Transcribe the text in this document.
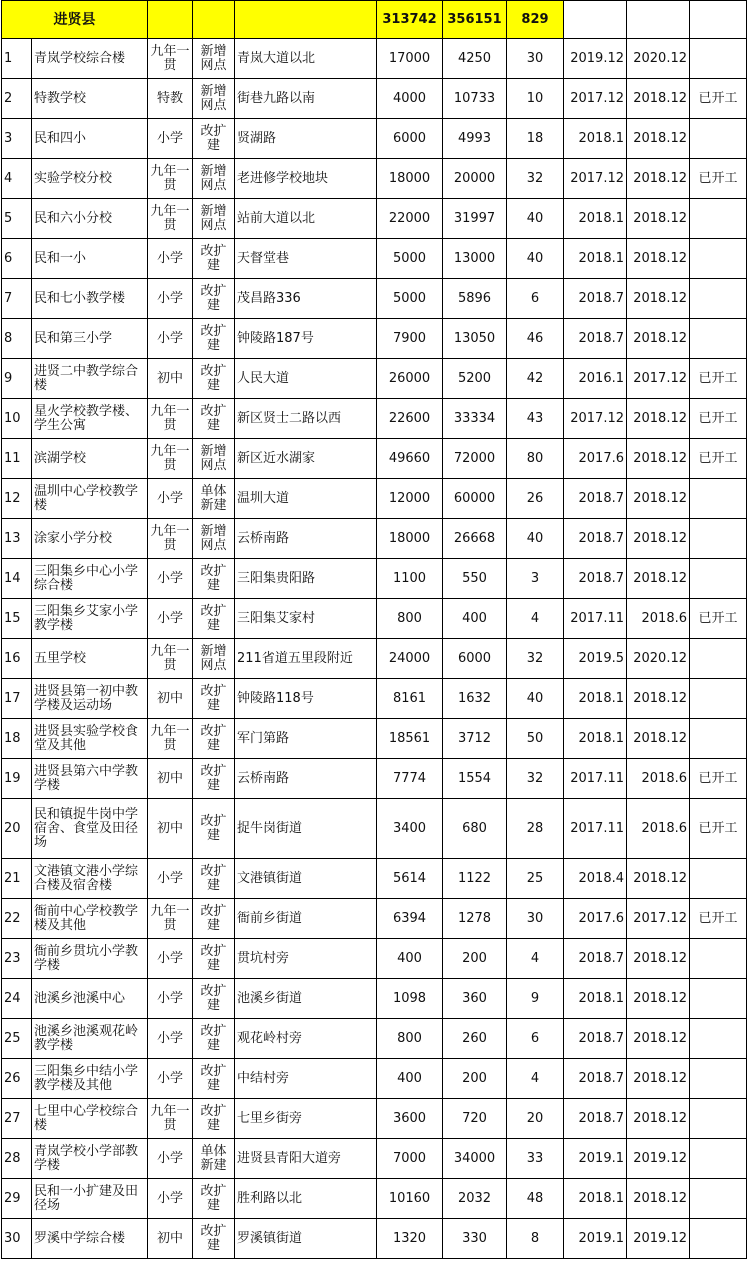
进贤县					313742	356151	829			
1	青岚学校综合楼	九年一贯	新增网点	青岚大道以北	17000	4250	30	2019.12	2020.12	
2	特教学校	特教	新增网点	街巷九路以南	4000	10733	10	2017.12	2018.12	已开工
3	民和四小	小学	改扩建	贤湖路	6000	4993	18	2018.1	2018.12	
4	实验学校分校	九年一贯	新增网点	老进修学校地块	18000	20000	32	2017.12	2018.12	已开工
5	民和六小分校	九年一贯	新增网点	站前大道以北	22000	31997	40	2018.1	2018.12	
6	民和一小	小学	改扩建	天督堂巷	5000	13000	40	2018.1	2018.12	
7	民和七小教学楼	小学	改扩建	茂昌路336	5000	5896	6	2018.7	2018.12	
8	民和第三小学	小学	改扩建	钟陵路187号	7900	13050	46	2018.7	2018.12	
9	进贤二中教学综合楼	初中	改扩建	人民大道	26000	5200	42	2016.1	2017.12	已开工
10	星火学校教学楼、学生公寓	九年一贯	改扩建	新区贤士二路以西	22600	33334	43	2017.12	2018.12	已开工
11	滨湖学校	九年一贯	新增网点	新区近水湖家	49660	72000	80	2017.6	2018.12	已开工
12	温圳中心学校教学楼	小学	单体新建	温圳大道	12000	60000	26	2018.7	2018.12	
13	涂家小学分校	九年一贯	新增网点	云桥南路	18000	26668	40	2018.7	2018.12	
14	三阳集乡中心小学综合楼	小学	改扩建	三阳集贵阳路	1100	550	3	2018.7	2018.12	
15	三阳集乡艾家小学教学楼	小学	改扩建	三阳集艾家村	800	400	4	2017.11	2018.6	已开工
16	五里学校	九年一贯	新增网点	211省道五里段附近	24000	6000	32	2019.5	2020.12	
17	进贤县第一初中教学楼及运动场	初中	改扩建	钟陵路118号	8161	1632	40	2018.1	2018.12	
18	进贤县实验学校食堂及其他	九年一贯	改扩建	军门第路	18561	3712	50	2018.1	2018.12	
19	进贤县第六中学教学楼	初中	改扩建	云桥南路	7774	1554	32	2017.11	2018.6	已开工
20	民和镇捉牛岗中学宿舍、食堂及田径场	初中	改扩建	捉牛岗街道	3400	680	28	2017.11	2018.6	已开工
21	文港镇文港小学综合楼及宿舍楼	小学	改扩建	文港镇街道	5614	1122	25	2018.4	2018.12	
22	衙前中心学校教学楼及其他	九年一贯	改扩建	衙前乡街道	6394	1278	30	2017.6	2017.12	已开工
23	衙前乡贯坑小学教学楼	小学	改扩建	贯坑村旁	400	200	4	2018.7	2018.12	
24	池溪乡池溪中心	小学	改扩建	池溪乡街道	1098	360	9	2018.1	2018.12	
25	池溪乡池溪观花岭教学楼	小学	改扩建	观花岭村旁	800	260	6	2018.7	2018.12	
26	三阳集乡中结小学教学楼及其他	小学	改扩建	中结村旁	400	200	4	2018.7	2018.12	
27	七里中心学校综合楼	九年一贯	改扩建	七里乡街旁	3600	720	20	2018.7	2018.12	
28	青岚学校小学部教学楼	小学	单体新建	进贤县青阳大道旁	7000	34000	33	2019.1	2019.12	
29	民和一小扩建及田径场	小学	改扩建	胜利路以北	10160	2032	48	2018.1	2018.12	
30	罗溪中学综合楼	初中	改扩建	罗溪镇街道	1320	330	8	2019.1	2019.12	
